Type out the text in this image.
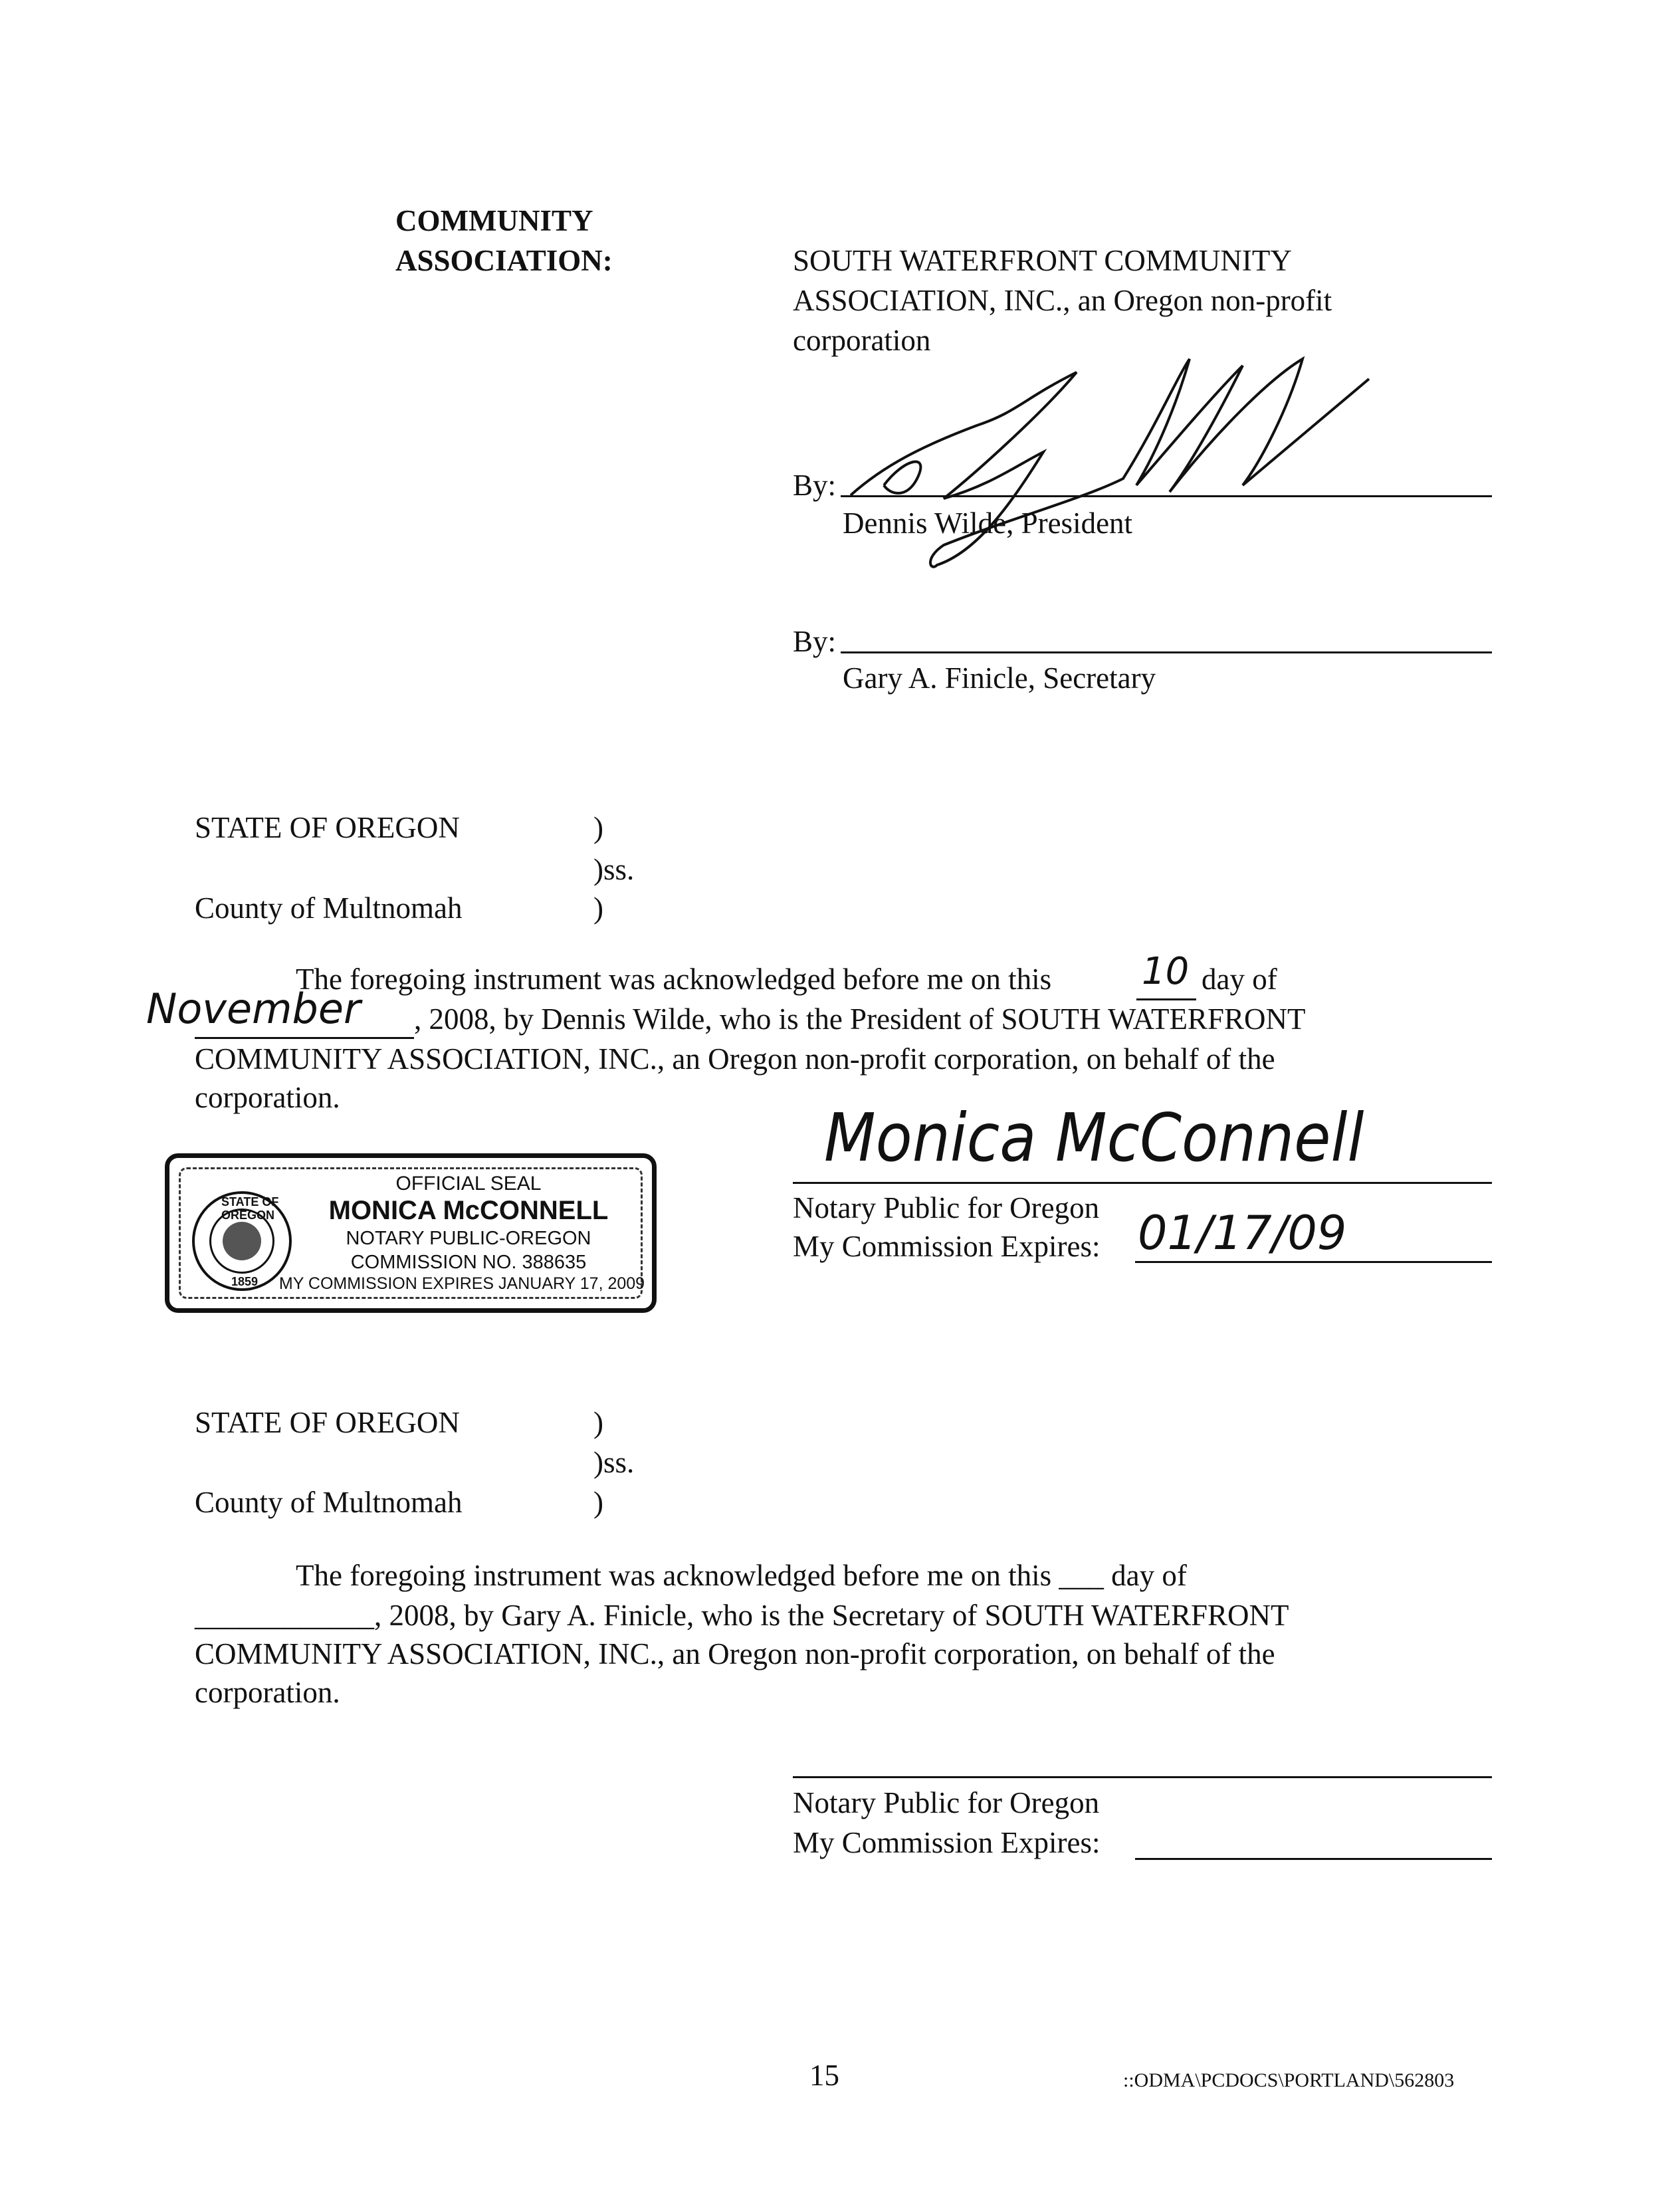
COMMUNITY
ASSOCIATION:	SOUTH WATERFRONT COMMUNITY
ASSOCIATION, INC., an Oregon non-profit
corporation
By:
Dennis Wilde, President
By:
Gary A. Finicle, Secretary
STATE OF OREGON	)
)ss.
County of Multnomah	)
The foregoing instrument was acknowledged before me on this 10 day of
November , 2008, by Dennis Wilde, who is the President of SOUTH WATERFRONT
COMMUNITY ASSOCIATION, INC., an Oregon non-profit corporation, on behalf of the
corporation.
Monica McConnell
Notary Public for Oregon
My Commission Expires: 01/17/09
STATE OF OREGON
1859
OFFICIAL SEAL
MONICA McCONNELL
NOTARY PUBLIC-OREGON
COMMISSION NO. 388635
MY COMMISSION EXPIRES JANUARY 17, 2009
STATE OF OREGON	)
)ss.
County of Multnomah	)
The foregoing instrument was acknowledged before me on this ___ day of
____________, 2008, by Gary A. Finicle, who is the Secretary of SOUTH WATERFRONT
COMMUNITY ASSOCIATION, INC., an Oregon non-profit corporation, on behalf of the
corporation.
Notary Public for Oregon
My Commission Expires:
15	::ODMA\PCDOCS\PORTLAND\562803
